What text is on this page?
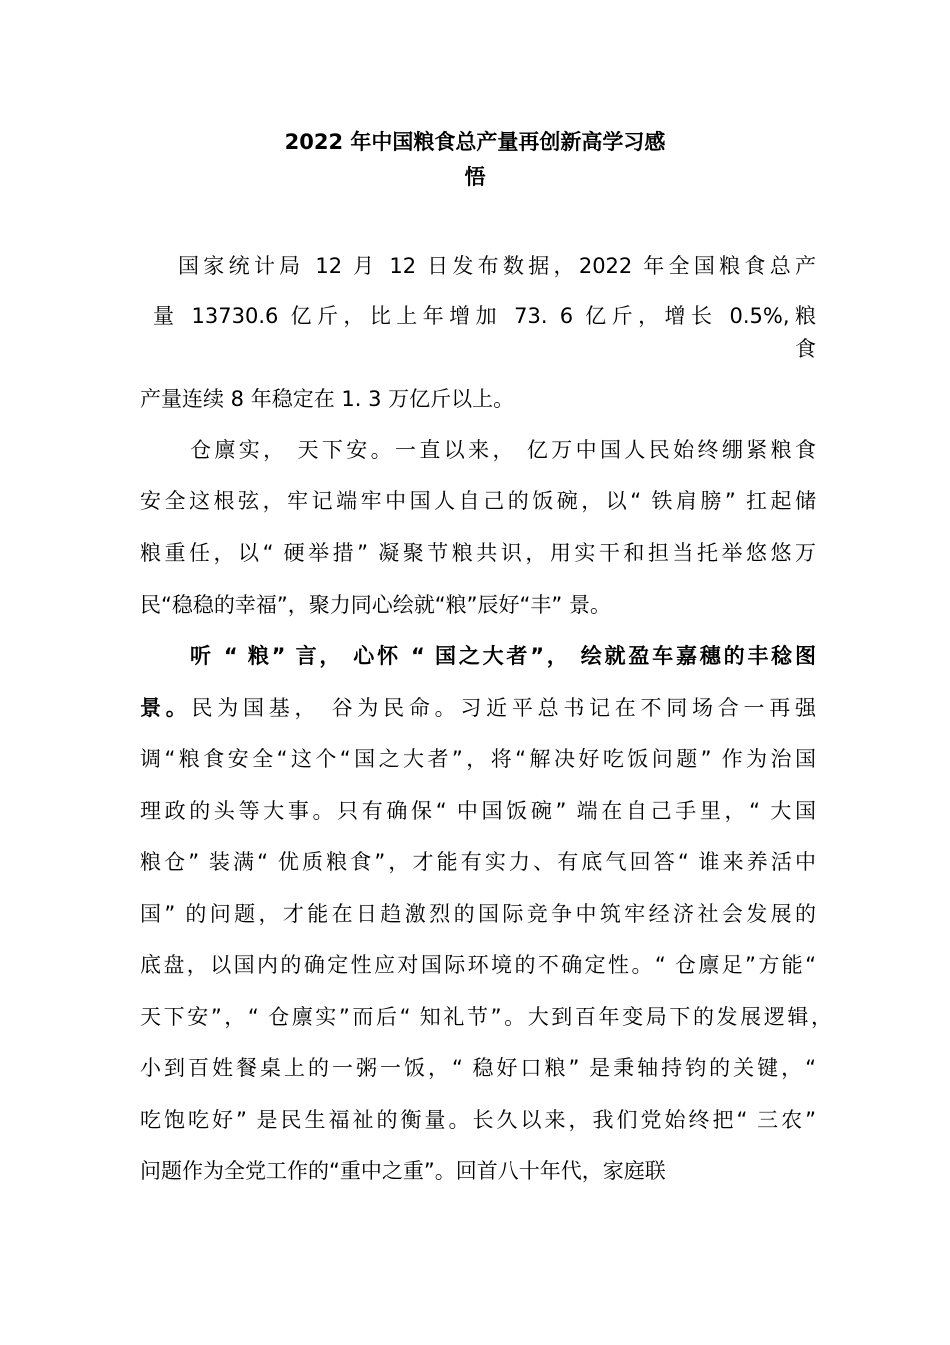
2022 年中国粮食总产量再创新高学习感
悟

国家统计局 12 月 12 日发布数据，2022 年全国粮食总产

量 13730.6 亿斤，比上年增加 73. 6 亿斤，增长 0.5%,粮

食

产量连续 8 年稳定在 1. 3 万亿斤以上。

仓廪实， 天下安。一直以来， 亿万中国人民始终绷紧粮食

安全这根弦，牢记端牢中国人自己的饭碗，以“ 铁肩膀” 扛起储

粮重任，以“ 硬举措” 凝聚节粮共识，用实干和担当托举悠悠万

民“稳稳的幸福”，聚力同心绘就“粮”辰好“丰” 景。

听 “ 粮” 言， 心怀 “ 国之大者”， 绘就盈车嘉穗的丰稔图

景。民为国基， 谷为民命。习近平总书记在不同场合一再强

调“粮食安全“这个“国之大者”，将“解决好吃饭问题” 作为治国

理政的头等大事。只有确保“ 中国饭碗” 端在自己手里，“ 大国

粮仓” 装满“ 优质粮食”，才能有实力、有底气回答“ 谁来养活中

国” 的问题，才能在日趋激烈的国际竞争中筑牢经济社会发展的

底盘，以国内的确定性应对国际环境的不确定性。“ 仓廪足”方能“

天下安”，“ 仓廪实”而后“ 知礼节”。大到百年变局下的发展逻辑，

小到百姓餐桌上的一粥一饭，“ 稳好口粮” 是秉轴持钧的关键，“

吃饱吃好” 是民生福祉的衡量。长久以来，我们党始终把“ 三农”

问题作为全党工作的“重中之重”。回首八十年代，家庭联
